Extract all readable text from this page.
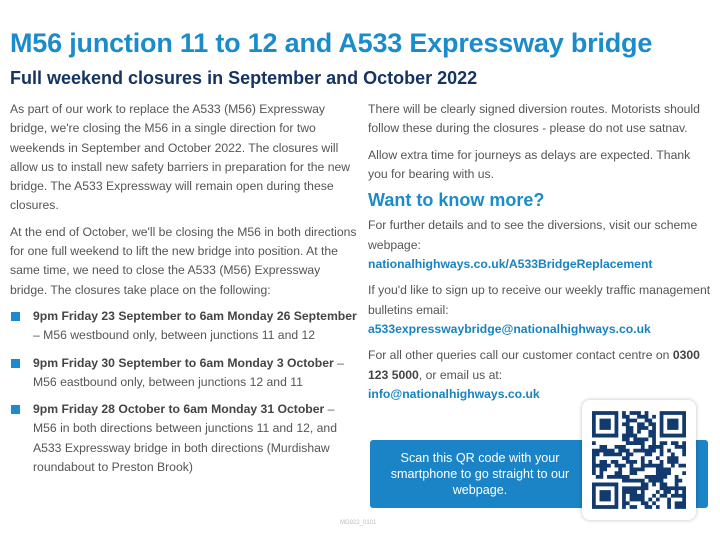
M56 junction 11 to 12 and A533 Expressway bridge
Full weekend closures in September and October 2022

As part of our work to replace the A533 (M56) Expressway bridge, we're closing the M56 in a single direction for two weekends in September and October 2022. The closures will allow us to install new safety barriers in preparation for the new bridge. The A533 Expressway will remain open during these closures.

At the end of October, we'll be closing the M56 in both directions for one full weekend to lift the new bridge into position. At the same time, we need to close the A533 (M56) Expressway bridge. The closures take place on the following:

9pm Friday 23 September to 6am Monday 26 September – M56 westbound only, between junctions 11 and 12
9pm Friday 30 September to 6am Monday 3 October – M56 eastbound only, between junctions 12 and 11
9pm Friday 28 October to 6am Monday 31 October – M56 in both directions between junctions 11 and 12, and A533 Expressway bridge in both directions (Murdishaw roundabout to Preston Brook)

There will be clearly signed diversion routes. Motorists should follow these during the closures - please do not use satnav.

Allow extra time for journeys as delays are expected. Thank you for bearing with us.

Want to know more?

For further details and to see the diversions, visit our scheme webpage:
nationalhighways.co.uk/A533BridgeReplacement

If you'd like to sign up to receive our weekly traffic management bulletins email:
a533expresswaybridge@nationalhighways.co.uk

For all other queries call our customer contact centre on 0300 123 5000, or email us at:
info@nationalhighways.co.uk

Scan this QR code with your smartphone to go straight to our webpage.
MG922_0101
